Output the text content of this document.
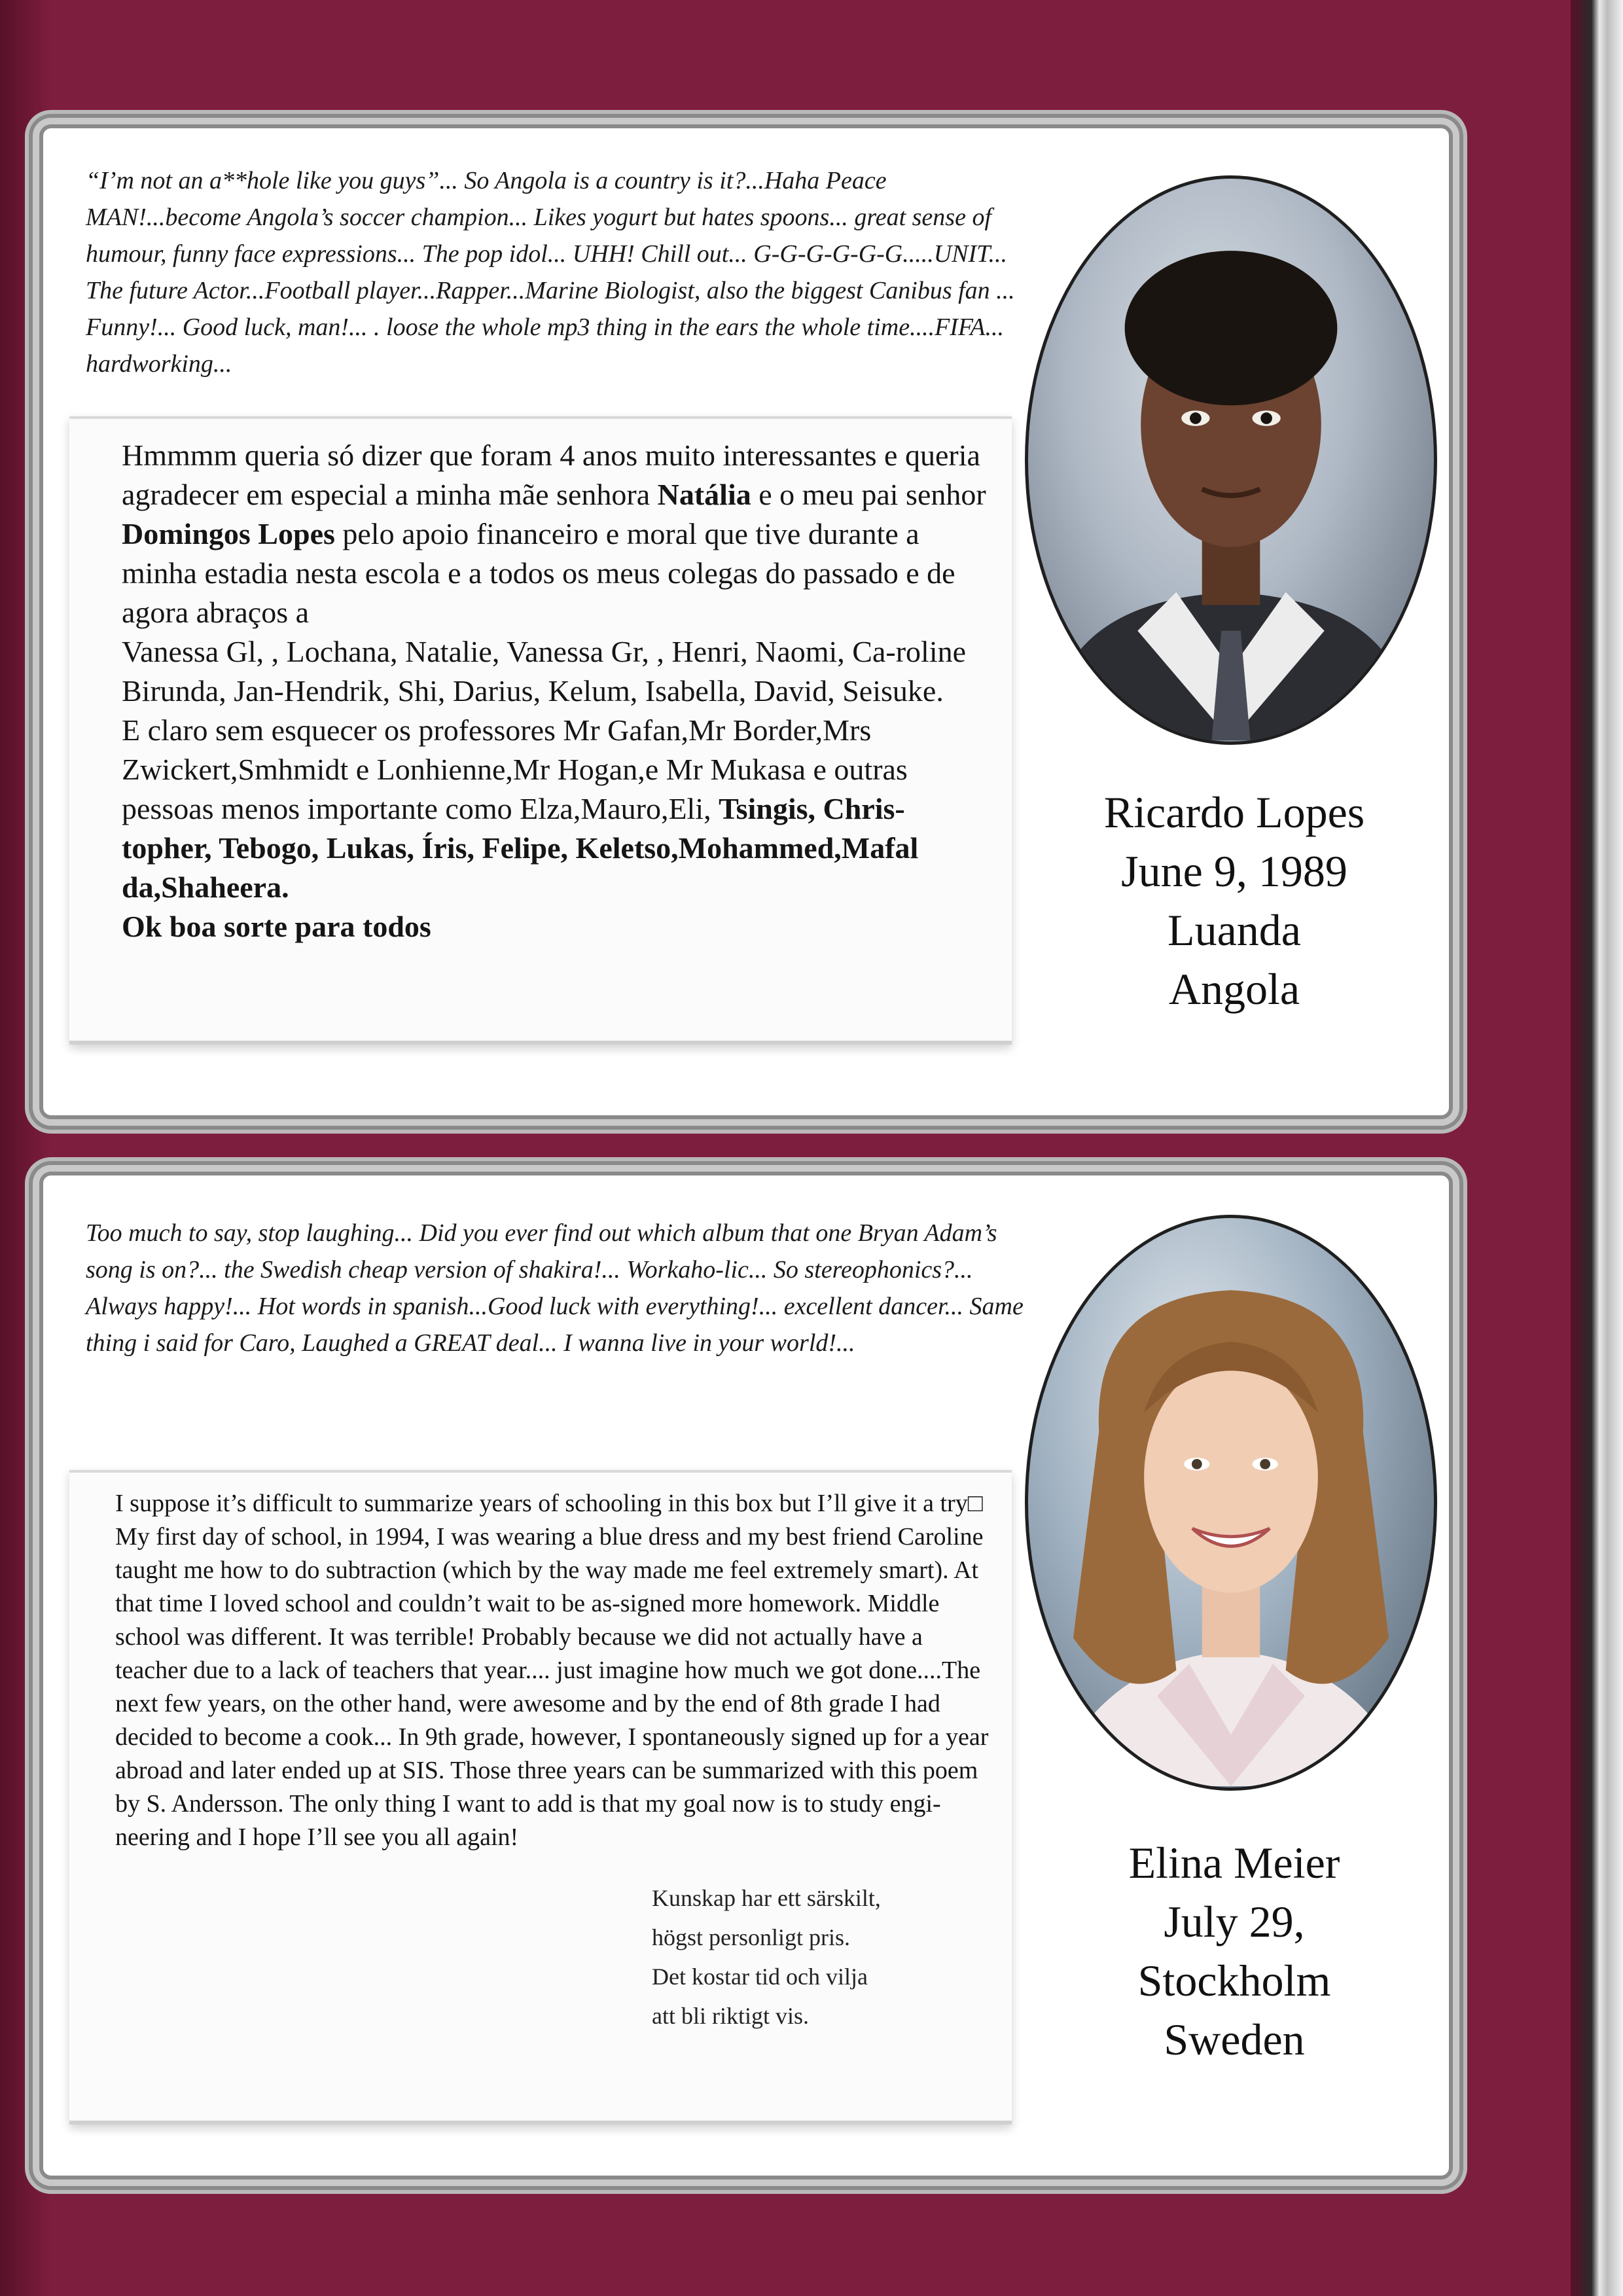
“I’m not an a**hole like you guys”... So Angola is a country is it?...Haha Peace MAN!...become Angola’s soccer champion... Likes yogurt but hates spoons... great sense of humour, funny face expressions... The pop idol... UHH! Chill out... G-G-G-G-G-G.....UNIT... The future Actor...Football player...Rapper...Marine Biologist, also the biggest Canibus fan ... Funny!... Good luck, man!... . loose the whole mp3 thing in the ears the whole time....FIFA... hardworking...
Hmmmm queria só dizer que foram 4 anos muito interessantes e queria agradecer em especial a minha mãe senhora Natália e o meu pai senhor Domingos Lopes pelo apoio financeiro e moral que tive durante a minha estadia nesta escola e a todos os meus colegas do passado e de agora abraços a
Vanessa Gl, , Lochana, Natalie, Vanessa Gr, , Henri, Naomi, Ca-roline Birunda, Jan-Hendrik, Shi, Darius, Kelum, Isabella, David, Seisuke.
E claro sem esquecer os professores Mr Gafan,Mr Border,Mrs Zwickert,Smhmidt e Lonhienne,Mr Hogan,e Mr Mukasa e outras pessoas menos importante como Elza,Mauro,Eli, Tsingis, Chris-topher, Tebogo, Lukas, Íris, Felipe, Keletso,Mohammed,Mafal da,Shaheera.
Ok boa sorte para todos
Ricardo Lopes
June 9, 1989
Luanda
Angola
Too much to say, stop laughing... Did you ever find out which album that one Bryan Adam’s song is on?... the Swedish cheap version of shakira!... Workaho-lic... So stereophonics?... Always happy!... Hot words in spanish...Good luck with everything!... excellent dancer... Same thing i said for Caro, Laughed a GREAT deal... I wanna live in your world!...
I suppose it’s difficult to summarize years of schooling in this box but I’ll give it a try□ My first day of school, in 1994, I was wearing a blue dress and my best friend Caroline taught me how to do subtraction (which by the way made me feel extremely smart). At that time I loved school and couldn’t wait to be as-signed more homework. Middle school was different. It was terrible! Probably because we did not actually have a teacher due to a lack of teachers that year.... just imagine how much we got done....The next few years, on the other hand, were awesome and by the end of 8th grade I had decided to become a cook... In 9th grade, however, I spontaneously signed up for a year abroad and later ended up at SIS. Those three years can be summarized with this poem by S. Andersson. The only thing I want to add is that my goal now is to study engi-neering and I hope I’ll see you all again!
Kunskap har ett särskilt,
högst personligt pris.
Det kostar tid och vilja
att bli riktigt vis.
Elina Meier
July 29,
Stockholm
Sweden
